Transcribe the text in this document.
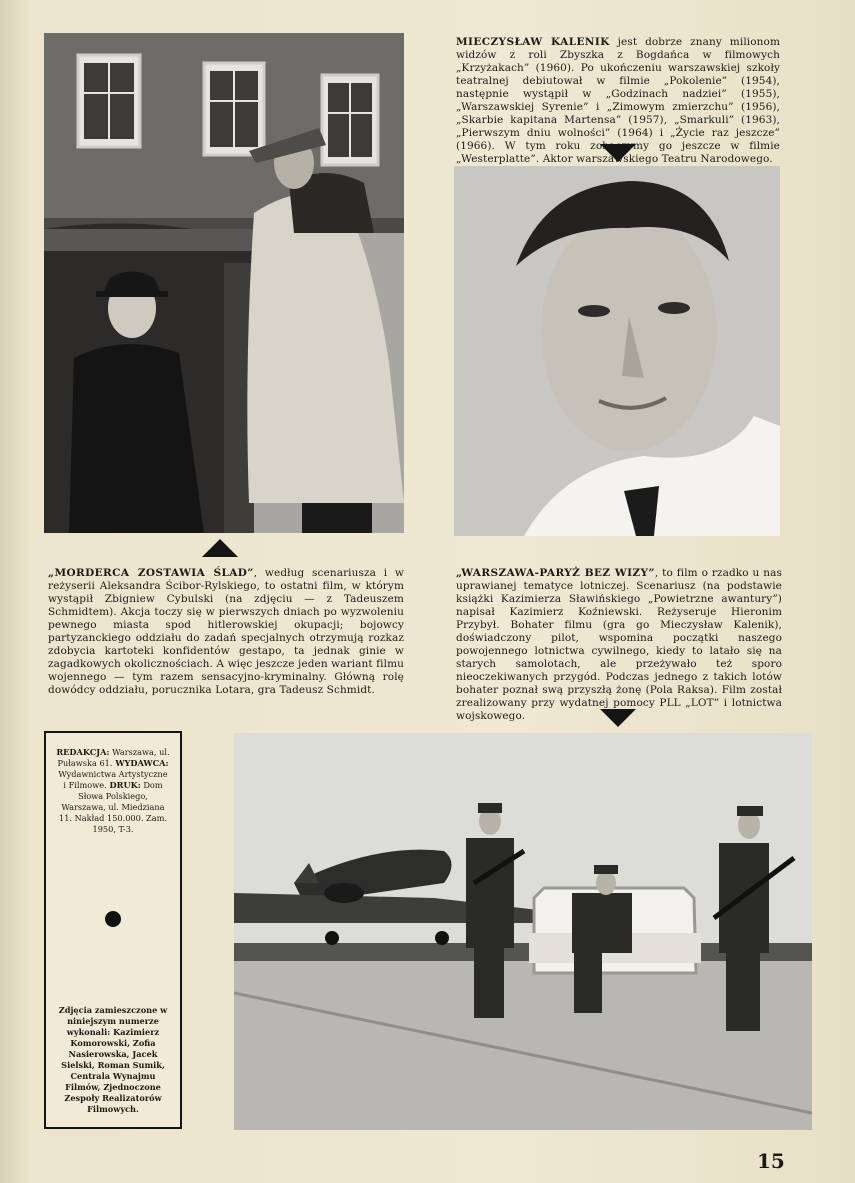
MIECZYSŁAW KALENIK jest dobrze znany milionom widzów z roli Zbyszka z Bogdańca w filmowych „Krzyżakach” (1960). Po ukończeniu warszawskiej szkoły teatralnej debiutował w filmie „Pokolenie” (1954), następnie wystąpił w „Godzinach nadziei” (1955), „Warszawskiej Syrenie” i „Zimowym zmierzchu” (1956), „Skarbie kapitana Martensa” (1957), „Smarkuli” (1963), „Pierwszym dniu wolności” (1964) i „Życie raz jeszcze” (1966). W tym roku zobaczymy go jeszcze w filmie „Westerplatte”. Aktor warszawskiego Teatru Narodowego.
„MORDERCA ZOSTAWIA ŚLAD”, według scenariusza i w reżyserii Aleksandra Ścibor-Rylskiego, to ostatni film, w którym wystąpił Zbigniew Cybulski (na zdjęciu — z Tadeuszem Schmidtem). Akcja toczy się w pierwszych dniach po wyzwoleniu pewnego miasta spod hitlerowskiej okupacji; bojowcy partyzanckiego oddziału do zadań specjalnych otrzymują rozkaz zdobycia kartoteki konfidentów gestapo, ta jednak ginie w zagadkowych okolicznościach. A więc jeszcze jeden wariant filmu wojennego — tym razem sensacyjno-kryminalny. Główną rolę dowódcy oddziału, porucznika Lotara, gra Tadeusz Schmidt.
„WARSZAWA-PARYŻ BEZ WIZY”, to film o rzadko u nas uprawianej tematyce lotniczej. Scenariusz (na podstawie książki Kazimierza Sławińskiego „Powietrzne awantury”) napisał Kazimierz Koźniewski. Reżyseruje Hieronim Przybył. Bohater filmu (gra go Mieczysław Kalenik), doświadczony pilot, wspomina początki naszego powojennego lotnictwa cywilnego, kiedy to latało się na starych samolotach, ale przeżywało też sporo nieoczekiwanych przygód. Podczas jednego z takich lotów bohater poznał swą przyszłą żonę (Pola Raksa). Film został zrealizowany przy wydatnej pomocy PLL „LOT” i lotnictwa wojskowego.
REDAKCJA: Warszawa, ul. Puławska 61. WYDAWCA: Wydawnictwa Artystyczne i Filmowe. DRUK: Dom Słowa Polskiego, Warszawa, ul. Miedziana 11. Nakład 150.000. Zam. 1950, T-3.
Zdjęcia zamieszczone w niniejszym numerze wykonali: Kazimierz Komorowski, Zofia Nasierowska, Jacek Sielski, Roman Sumik, Centrala Wynajmu Filmów, Zjednoczone Zespoły Realizatorów Filmowych.
15
